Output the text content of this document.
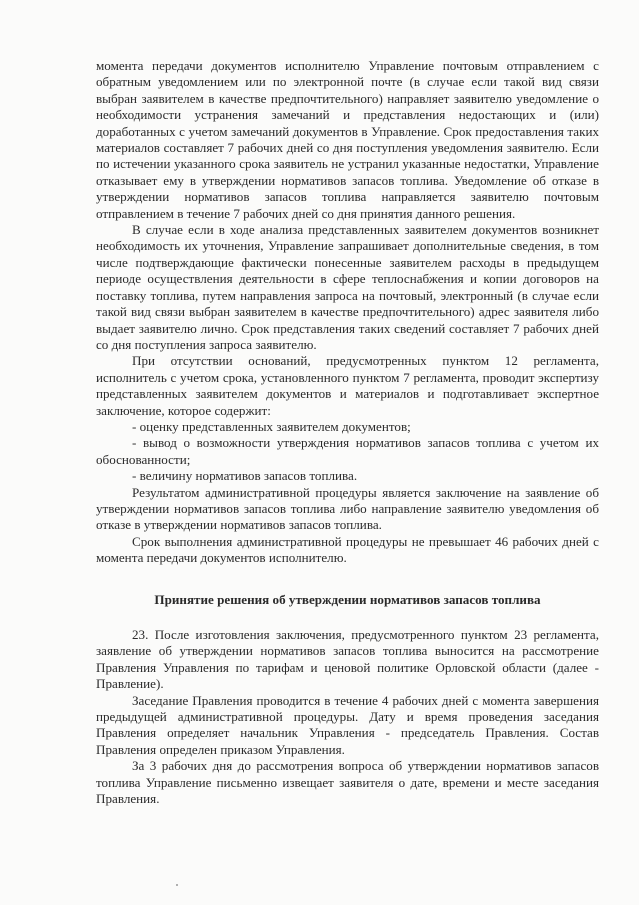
момента передачи документов исполнителю Управление почтовым отправлением с обратным уведомлением или по электронной почте (в случае если такой вид связи выбран заявителем в качестве предпочтительного) направляет заявителю уведомление о необходимости устранения замечаний и представления недостающих и (или) доработанных с учетом замечаний документов в Управление. Срок предоставления таких материалов составляет 7 рабочих дней со дня поступления уведомления заявителю. Если по истечении указанного срока заявитель не устранил указанные недостатки, Управление отказывает ему в утверждении нормативов запасов топлива. Уведомление об отказе в утверждении нормативов запасов топлива направляется заявителю почтовым отправлением в течение 7 рабочих дней со дня принятия данного решения.

В случае если в ходе анализа представленных заявителем документов возникнет необходимость их уточнения, Управление запрашивает дополнительные сведения, в том числе подтверждающие фактически понесенные заявителем расходы в предыдущем периоде осуществления деятельности в сфере теплоснабжения и копии договоров на поставку топлива, путем направления запроса на почтовый, электронный (в случае если такой вид связи выбран заявителем в качестве предпочтительного) адрес заявителя либо выдает заявителю лично. Срок представления таких сведений составляет 7 рабочих дней со дня поступления запроса заявителю.

При отсутствии оснований, предусмотренных пунктом 12 регламента, исполнитель с учетом срока, установленного пунктом 7 регламента, проводит экспертизу представленных заявителем документов и материалов и подготавливает экспертное заключение, которое содержит:

- оценку представленных заявителем документов;

- вывод о возможности утверждения нормативов запасов топлива с учетом их обоснованности;

- величину нормативов запасов топлива.

Результатом административной процедуры является заключение на заявление об утверждении нормативов запасов топлива либо направление заявителю уведомления об отказе в утверждении нормативов запасов топлива.

Срок выполнения административной процедуры не превышает 46 рабочих дней с момента передачи документов исполнителю.

Принятие решения об утверждении нормативов запасов топлива

23. После изготовления заключения, предусмотренного пунктом 23 регламента, заявление об утверждении нормативов запасов топлива выносится на рассмотрение Правления Управления по тарифам и ценовой политике Орловской области (далее - Правление).

Заседание Правления проводится в течение 4 рабочих дней с момента завершения предыдущей административной процедуры. Дату и время проведения заседания Правления определяет начальник Управления - председатель Правления. Состав Правления определен приказом Управления.

За 3 рабочих дня до рассмотрения вопроса об утверждении нормативов запасов топлива Управление письменно извещает заявителя о дате, времени и месте заседания Правления.
